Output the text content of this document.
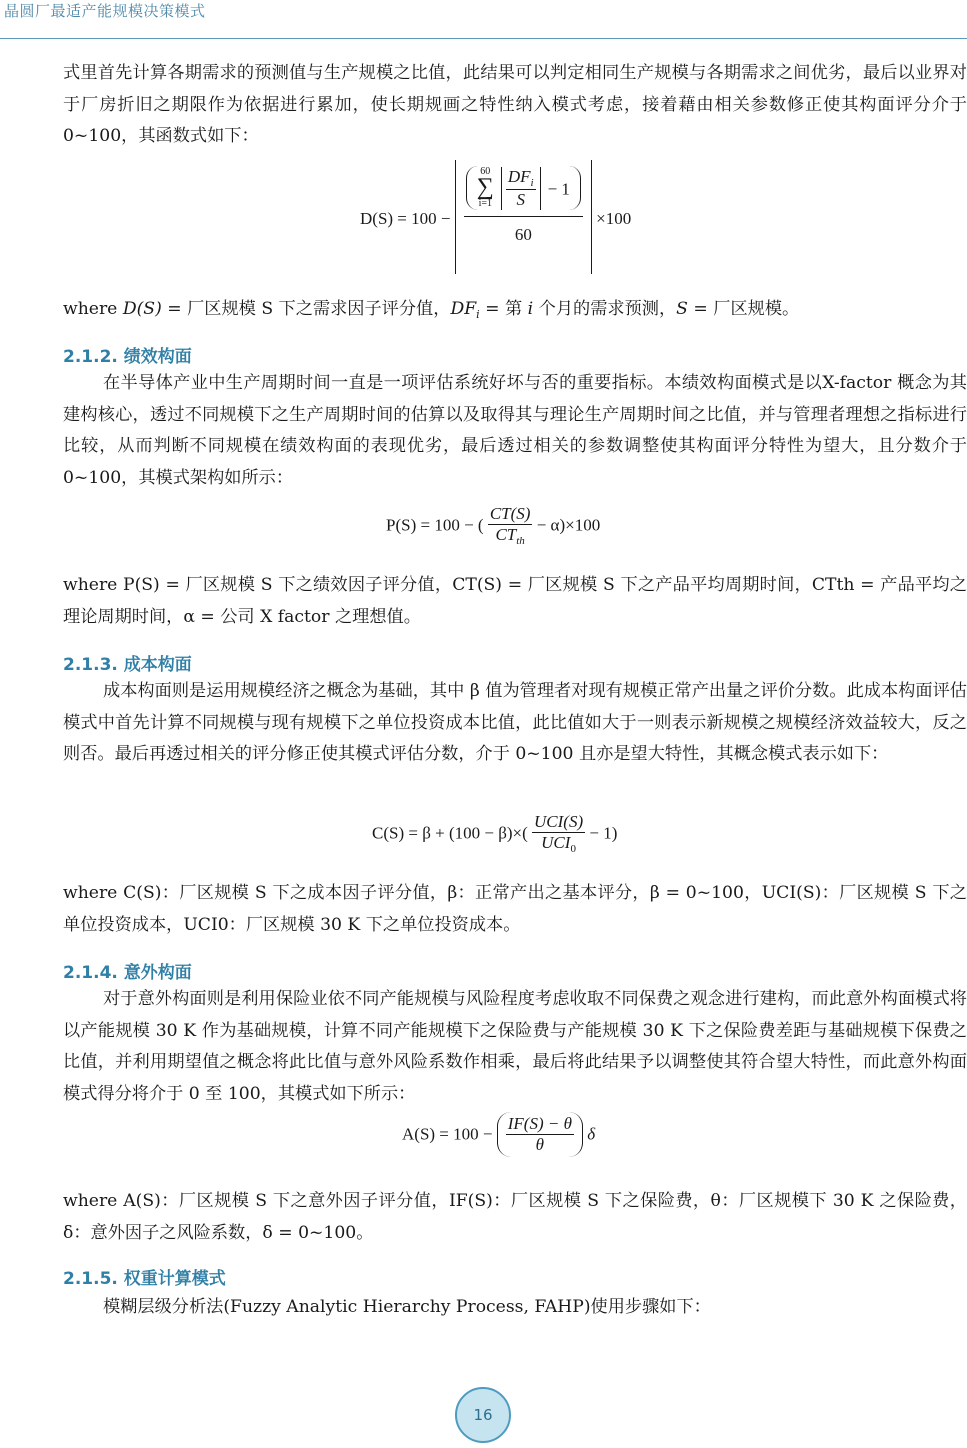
晶圆厂最适产能规模决策模式
式里首先计算各期需求的预测值与生产规模之比值，此结果可以判定相同生产规模与各期需求之间优劣，最后以业界对于厂房折旧之期限作为依据进行累加，使长期规画之特性纳入模式考虑，接着藉由相关参数修正使其构面评分介于 0~100，其函数式如下：
D(S) = 100 −
60
∑
$i=1 \frac{DF_i}{S} - 1$
60
×100
where D(S) = 厂区规模 S 下之需求因子评分值，$DF_i$ = 第 i 个月的需求预测，S = 厂区规模。
2.1.2. 绩效构面
在半导体产业中生产周期时间一直是一项评估系统好坏与否的重要指标。本绩效构面模式是以X-factor 概念为其建构核心，透过不同规模下之生产周期时间的估算以及取得其与理论生产周期时间之比值，并与管理者理想之指标进行比较，从而判断不同规模在绩效构面的表现优劣，最后透过相关的参数调整使其构面评分特性为望大，且分数介于 0~100，其模式架构如所示：
P(S) = 100 − ( $\frac{CT(S)}{CT_{th}} - \alpha)\times 100$
where P(S) = 厂区规模 S 下之绩效因子评分值，CT(S) = 厂区规模 S 下之产品平均周期时间，CTth = 产品平均之理论周期时间，α = 公司 X factor 之理想值。
2.1.3. 成本构面
成本构面则是运用规模经济之概念为基础，其中 β 值为管理者对现有规模正常产出量之评价分数。此成本构面评估模式中首先计算不同规模与现有规模下之单位投资成本比值，此比值如大于一则表示新规模之规模经济效益较大，反之则否。最后再透过相关的评分修正使其模式评估分数，介于 0~100 且亦是望大特性，其概念模式表示如下：
$C(S) = \beta + (100 - \beta)\times( \frac{\text{UCI(S)}}{UCI_0} - 1)$
where C(S)：厂区规模 S 下之成本因子评分值，β：正常产出之基本评分，β = 0~100，UCI(S)：厂区规模 S 下之单位投资成本，UCI0：厂区规模 30 K 下之单位投资成本。
2.1.4. 意外构面
对于意外构面则是利用保险业依不同产能规模与风险程度考虑收取不同保费之观念进行建构，而此意外构面模式将以产能规模 30 K 作为基础规模，计算不同产能规模下之保险费与产能规模 30 K 下之保险费差距与基础规模下保费之比值，并利用期望值之概念将此比值与意外风险系数作相乘，最后将此结果予以调整使其符合望大特性，而此意外构面模式得分将介于 0 至 100，其模式如下所示：
$A(S) = 100 - \frac{IF(S) - \theta}{\theta}$ δ
where A(S)：厂区规模 S 下之意外因子评分值，IF(S)：厂区规模 S 下之保险费，θ：厂区规模下 30 K 之保险费，δ：意外因子之风险系数，δ = 0~100。
2.1.5. 权重计算模式
模糊层级分析法(Fuzzy Analytic Hierarchy Process, FAHP)使用步骤如下：
16
